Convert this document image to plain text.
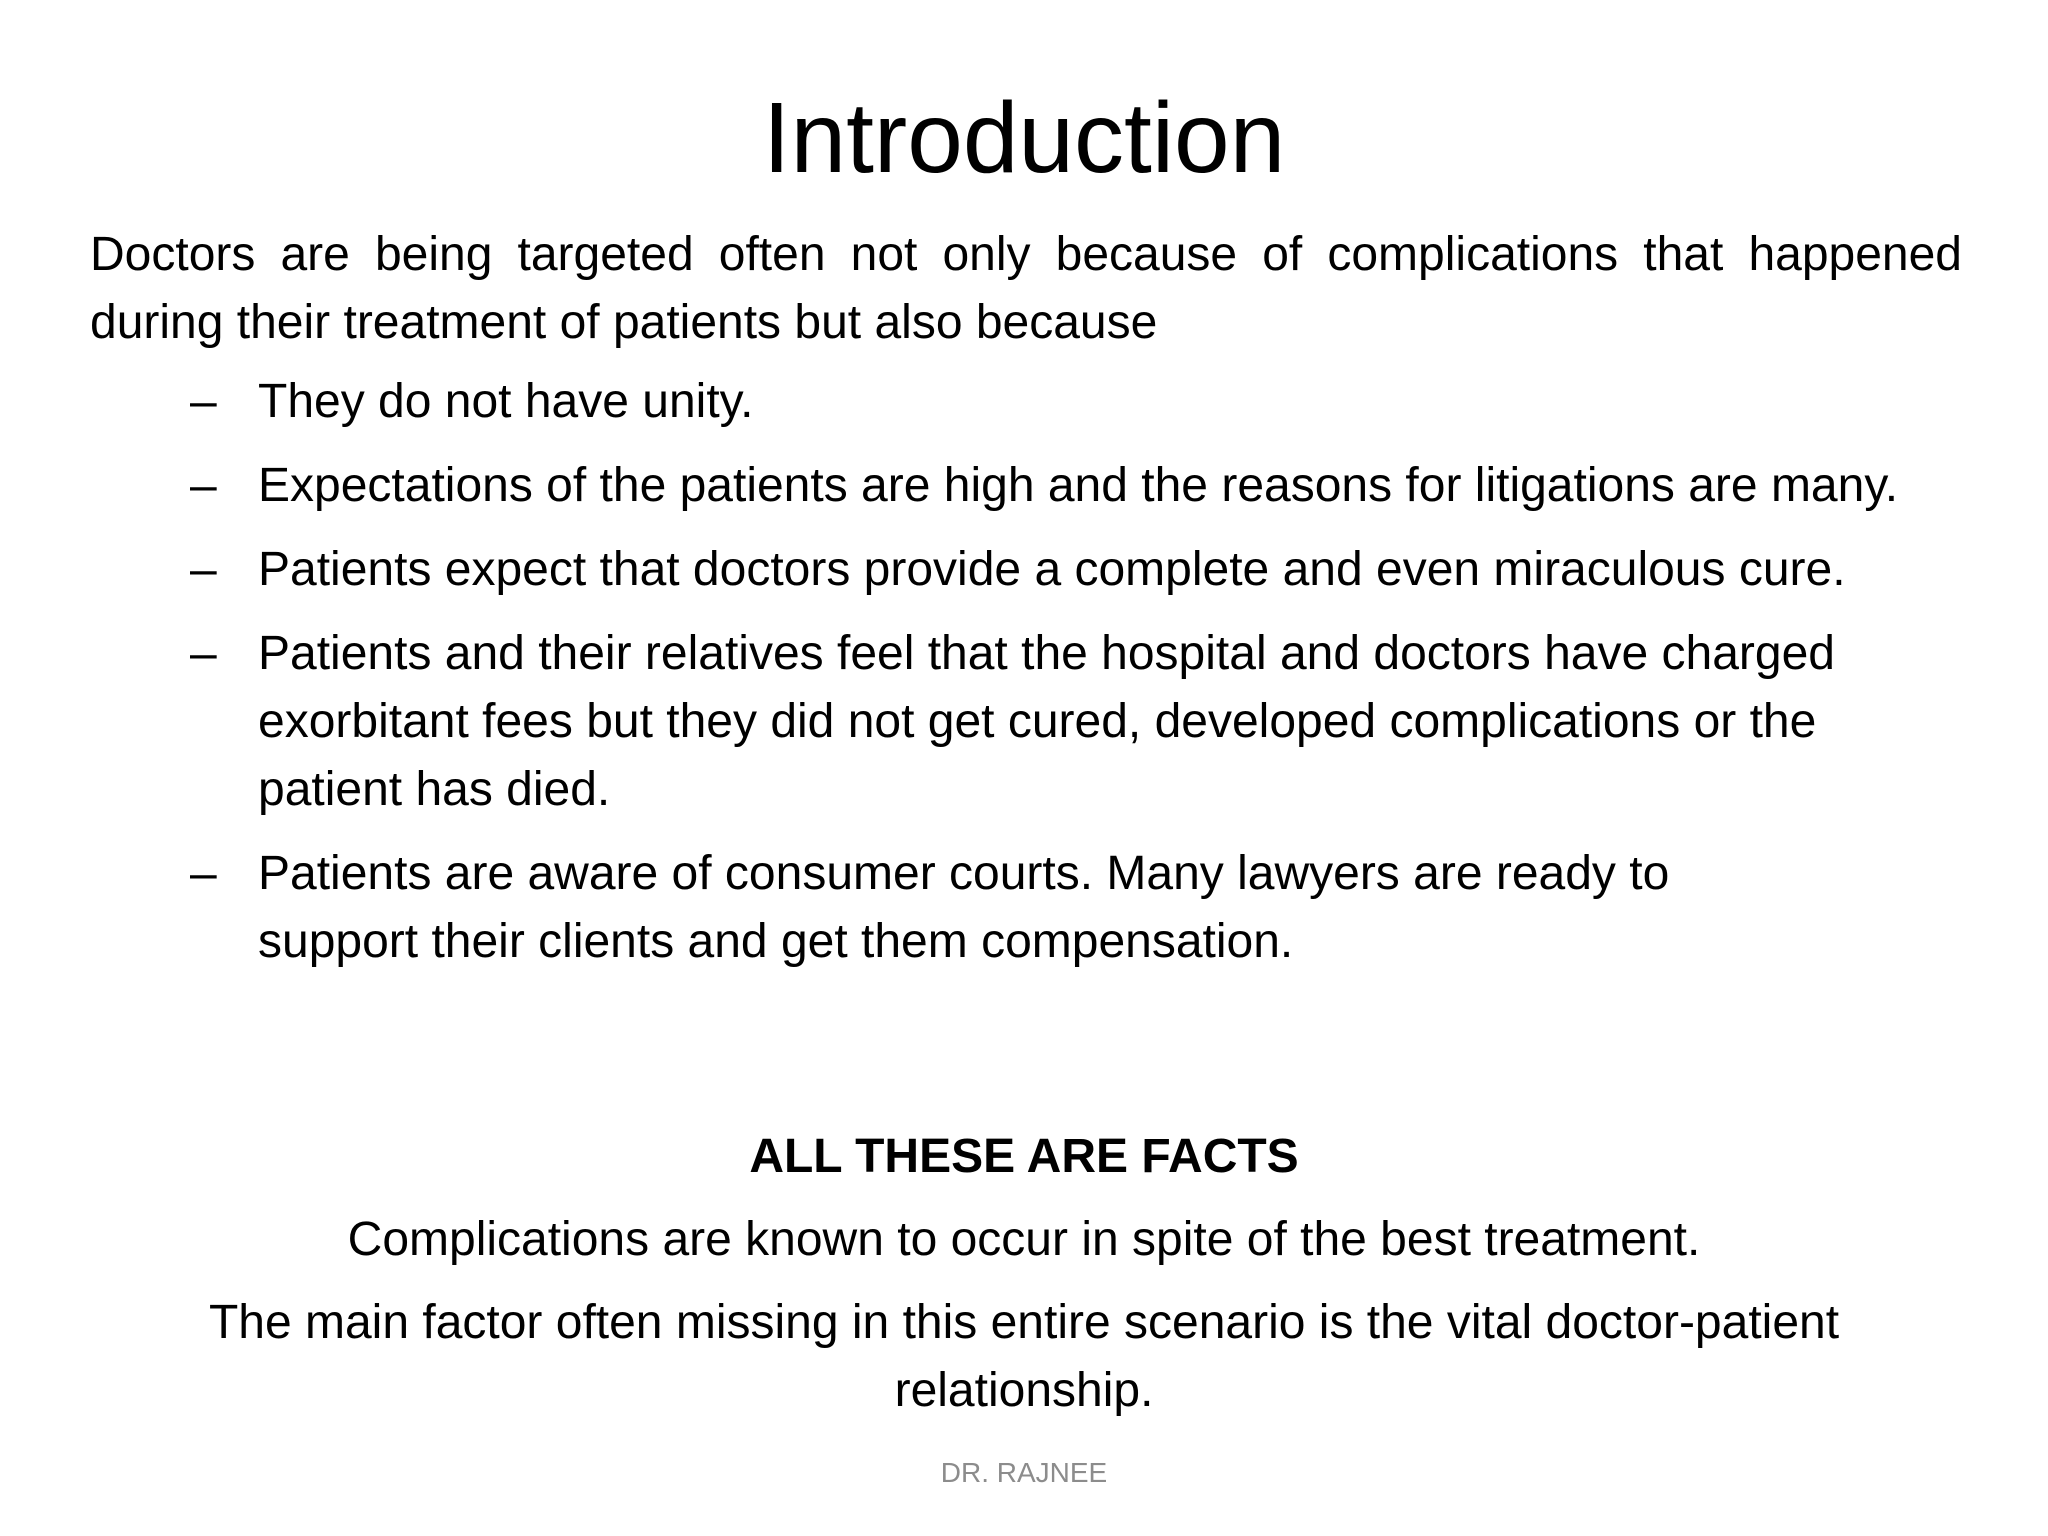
Introduction

Doctors are being targeted often not only because of complications that happened during their treatment of patients but also because

– They do not have unity.
– Expectations of the patients are high and the reasons for litigations are many.
– Patients expect that doctors provide a complete and even miraculous cure.
– Patients and their relatives feel that the hospital and doctors have charged exorbitant fees but they did not get cured, developed complications or the patient has died.
– Patients are aware of consumer courts. Many lawyers are ready to support their clients and get them compensation.
ALL THESE ARE FACTS
Complications are known to occur in spite of the best treatment.
The main factor often missing in this entire scenario is the vital doctor-patient relationship.
DR. RAJNEE
